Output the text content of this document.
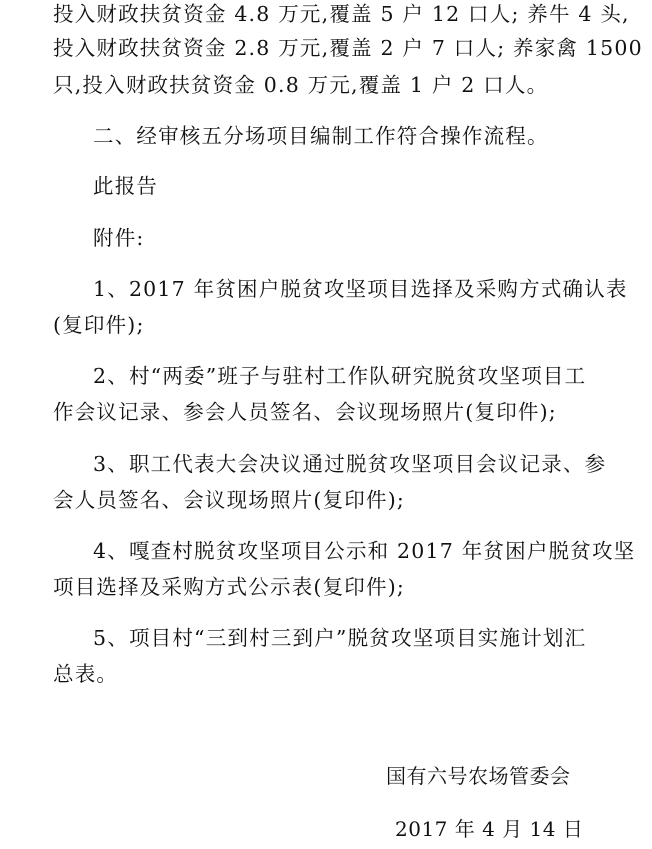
投入财政扶贫资金 4.8 万元,覆盖 5 户 12 口人; 养牛 4 头,
投入财政扶贫资金 2.8 万元,覆盖 2 户 7 口人; 养家禽 1500
只,投入财政扶贫资金 0.8 万元,覆盖 1 户 2 口人。
二、经审核五分场项目编制工作符合操作流程。
此报告
附件:
1、2017 年贫困户脱贫攻坚项目选择及采购方式确认表
(复印件);
2、村“两委”班子与驻村工作队研究脱贫攻坚项目工
作会议记录、参会人员签名、会议现场照片(复印件);
3、职工代表大会决议通过脱贫攻坚项目会议记录、参
会人员签名、会议现场照片(复印件);
4、嘎查村脱贫攻坚项目公示和 2017 年贫困户脱贫攻坚
项目选择及采购方式公示表(复印件);
5、项目村“三到村三到户”脱贫攻坚项目实施计划汇
总表。
国有六号农场管委会
2017 年 4 月 14 日
